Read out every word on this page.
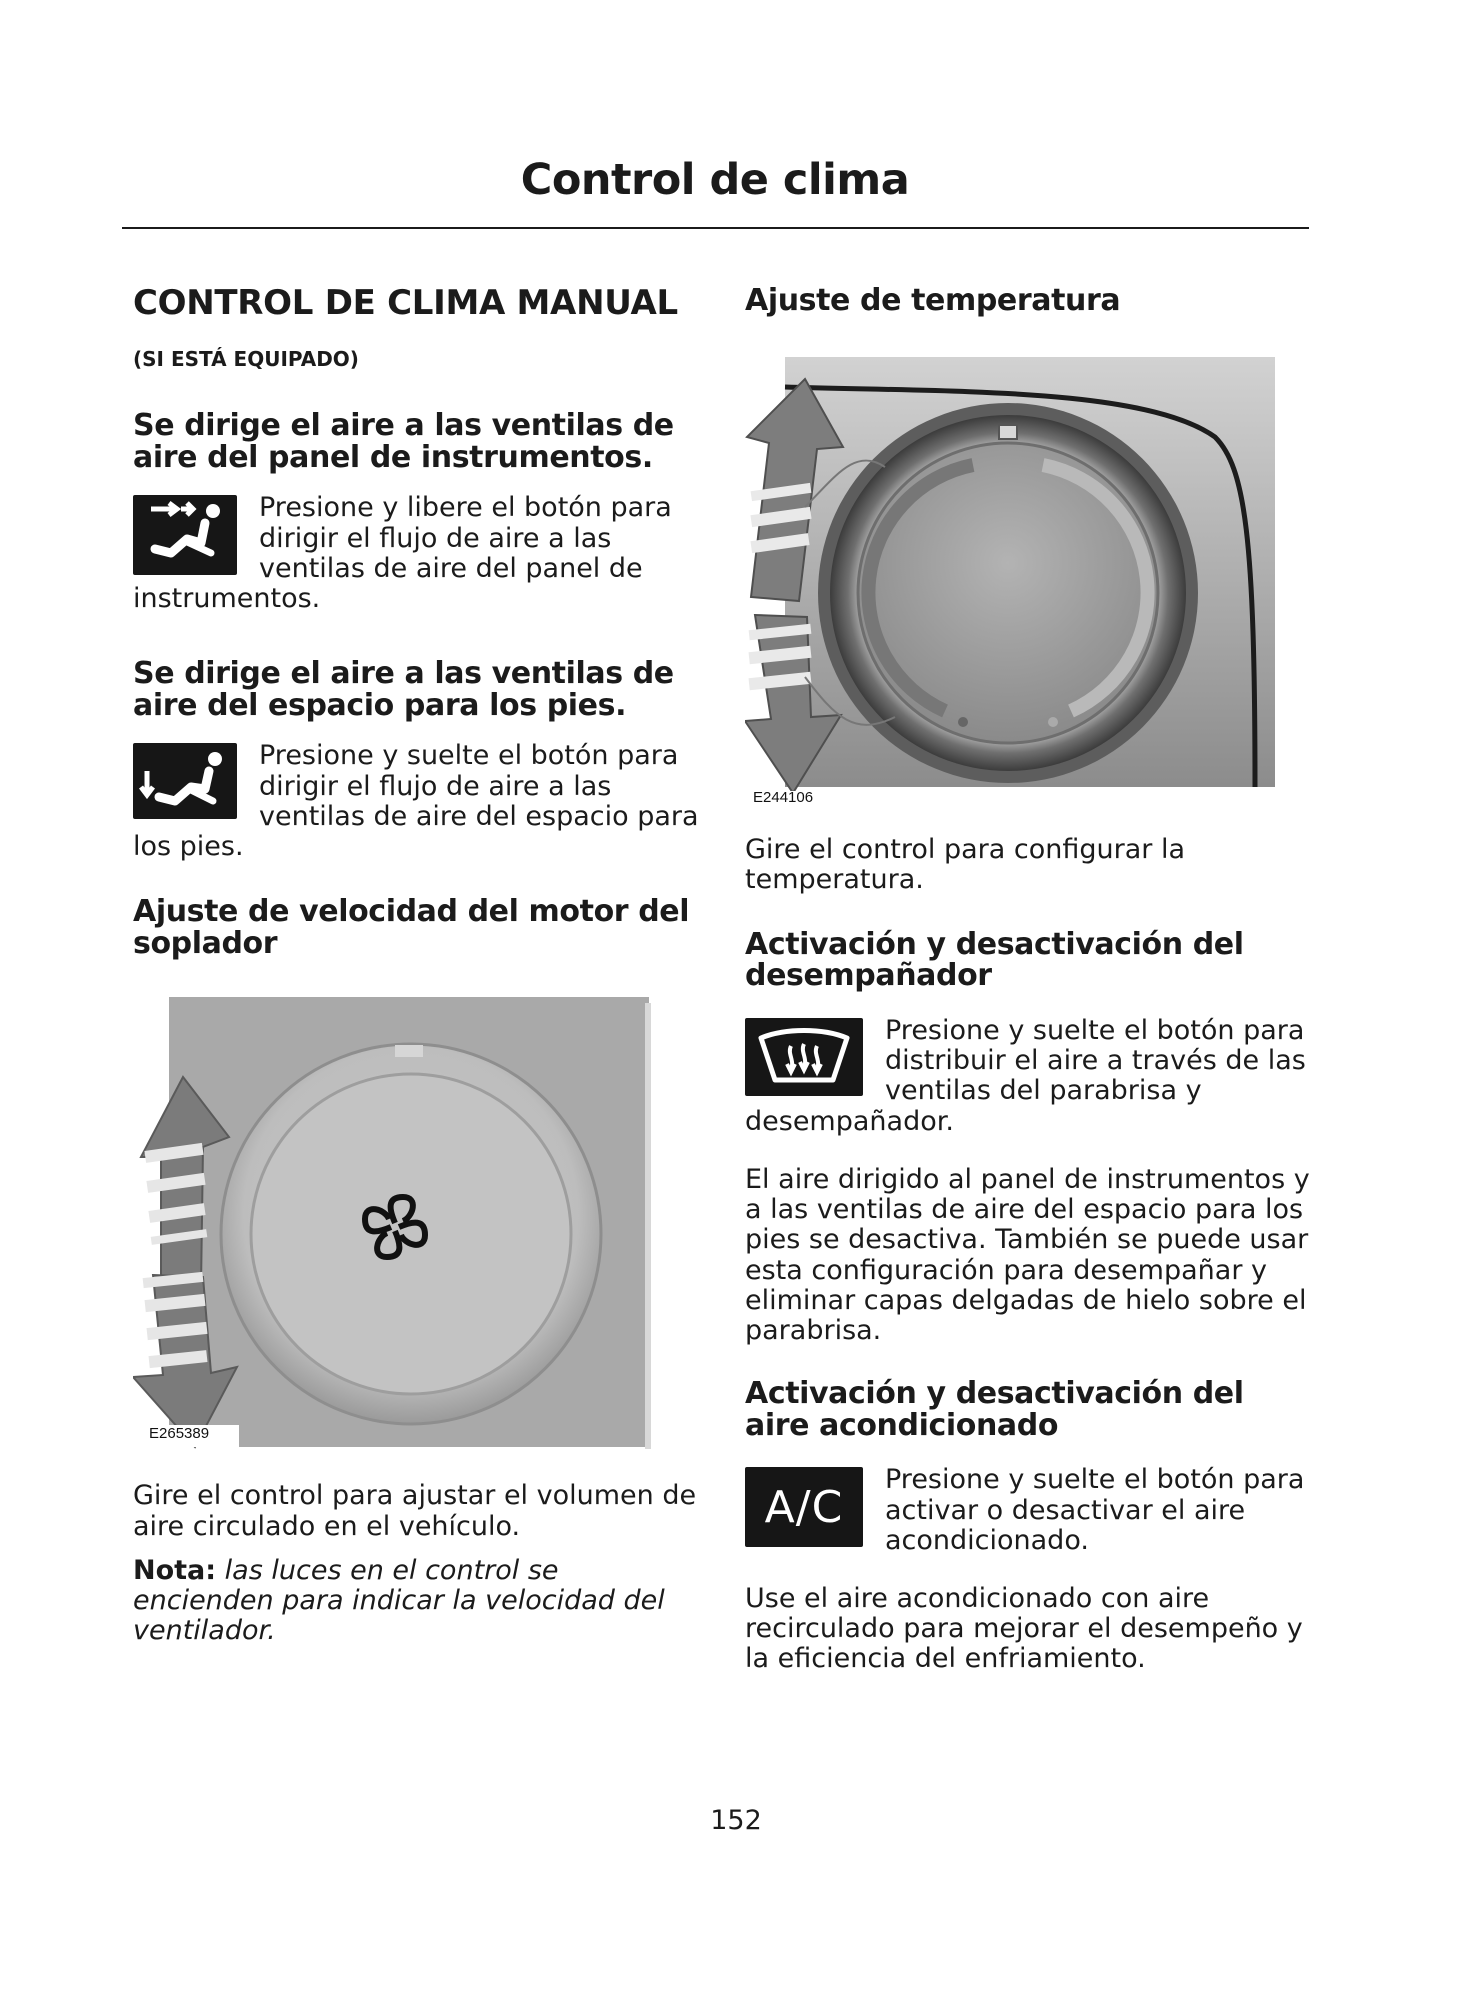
Control de clima
CONTROL DE CLIMA MANUAL
(SI ESTÁ EQUIPADO)
Se dirige el aire a las ventilas de aire del panel de instrumentos.

Presione y libere el botón para dirigir el flujo de aire a las ventilas de aire del panel de instrumentos.

Se dirige el aire a las ventilas de aire del espacio para los pies.

Presione y suelte el botón para dirigir el flujo de aire a las ventilas de aire del espacio para los pies.

Ajuste de velocidad del motor del soplador
E265389

Gire el control para ajustar el volumen de aire circulado en el vehículo.

Nota: las luces en el control se encienden para indicar la velocidad del ventilador.

Ajuste de temperatura
E244106

Gire el control para configurar la temperatura.

Activación y desactivación del desempañador

Presione y suelte el botón para distribuir el aire a través de las ventilas del parabrisa y desempañador.

El aire dirigido al panel de instrumentos y a las ventilas de aire del espacio para los pies se desactiva. También se puede usar esta configuración para desempañar y eliminar capas delgadas de hielo sobre el parabrisa.

Activación y desactivación del aire acondicionado
A/C

Presione y suelte el botón para activar o desactivar el aire acondicionado.

Use el aire acondicionado con aire recirculado para mejorar el desempeño y la eficiencia del enfriamiento.

152
